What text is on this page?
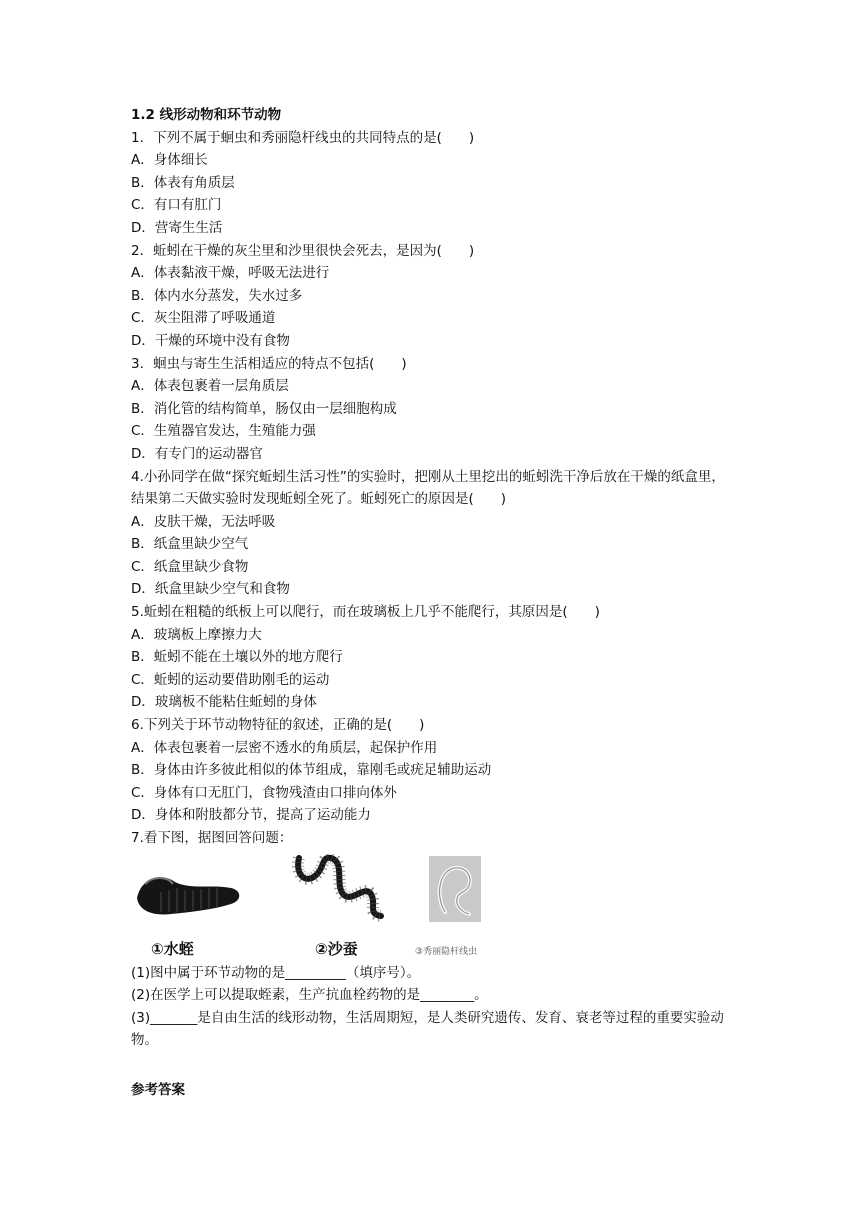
1.2 线形动物和环节动物
1．下列不属于蛔虫和秀丽隐杆线虫的共同特点的是(　　)
A．身体细长
B．体表有角质层
C．有口有肛门
D．营寄生生活
2．蚯蚓在干燥的灰尘里和沙里很快会死去，是因为(　　)
A．体表黏液干燥，呼吸无法进行
B．体内水分蒸发，失水过多
C．灰尘阻滞了呼吸通道
D．干燥的环境中没有食物
3．蛔虫与寄生生活相适应的特点不包括(　　)
A．体表包裹着一层角质层
B．消化管的结构简单，肠仅由一层细胞构成
C．生殖器官发达，生殖能力强
D．有专门的运动器官
4.小孙同学在做“探究蚯蚓生活习性”的实验时，把刚从土里挖出的蚯蚓洗干净后放在干燥的纸盒里，结果第二天做实验时发现蚯蚓全死了。蚯蚓死亡的原因是(　　)
A．皮肤干燥，无法呼吸
B．纸盒里缺少空气
C．纸盒里缺少食物
D．纸盒里缺少空气和食物
5.蚯蚓在粗糙的纸板上可以爬行，而在玻璃板上几乎不能爬行，其原因是(　　)
A．玻璃板上摩擦力大
B．蚯蚓不能在土壤以外的地方爬行
C．蚯蚓的运动要借助刚毛的运动
D．玻璃板不能粘住蚯蚓的身体
6.下列关于环节动物特征的叙述，正确的是(　　)
A．体表包裹着一层密不透水的角质层，起保护作用
B．身体由许多彼此相似的体节组成，靠刚毛或疣足辅助运动
C．身体有口无肛门，食物残渣由口排向体外
D．身体和附肢都分节，提高了运动能力
7.看下图，据图回答问题：
①水蛭	②沙蚕	③秀丽隐杆线虫
(1)图中属于环节动物的是_________（填序号）。
(2)在医学上可以提取蛭素，生产抗血栓药物的是________。
(3)_______是自由生活的线形动物，生活周期短，是人类研究遗传、发育、衰老等过程的重要实验动物。
参考答案
